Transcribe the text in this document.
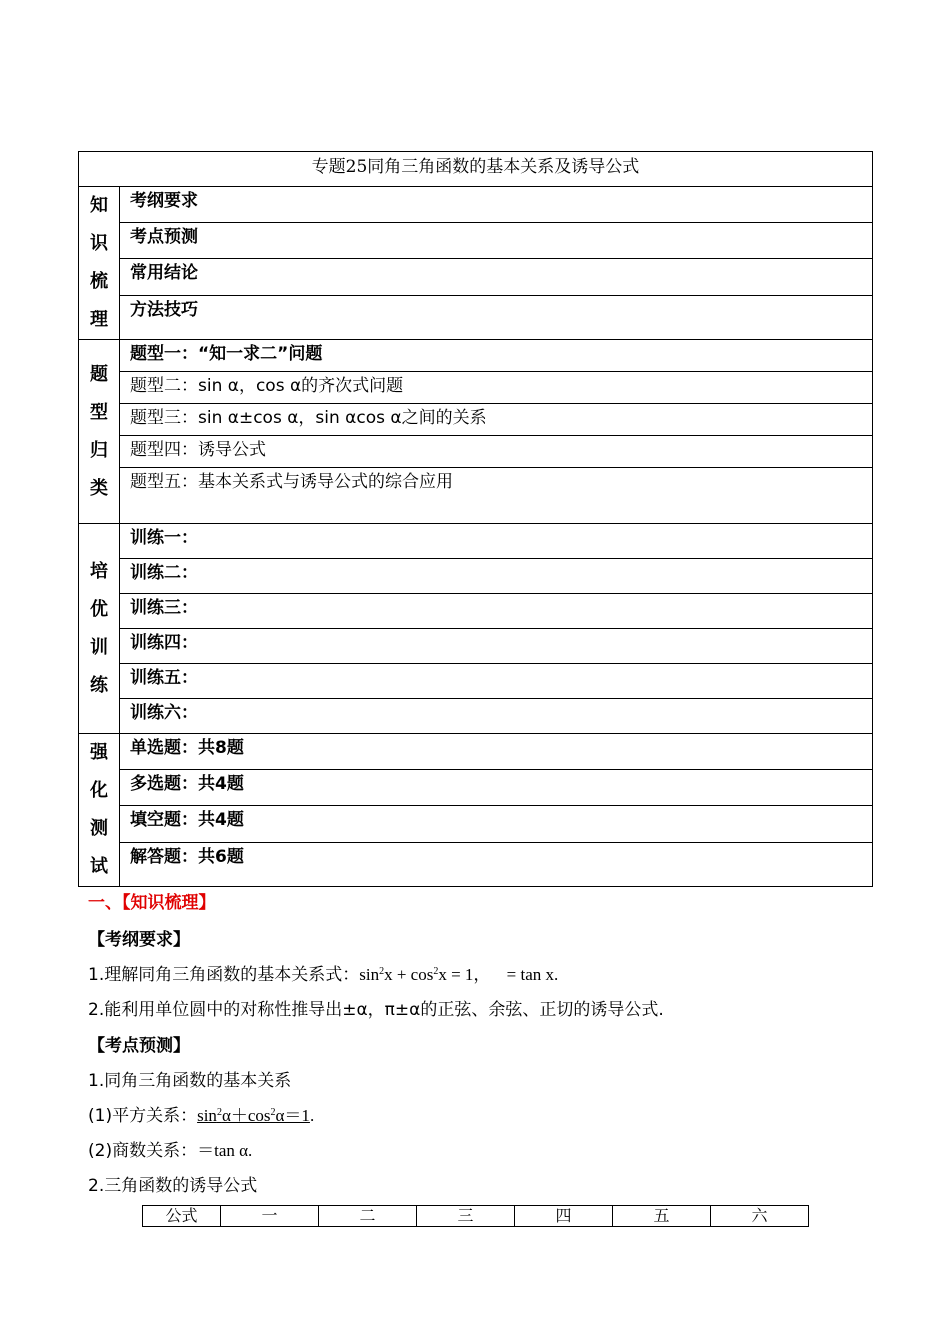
专题25同角三角函数的基本关系及诱导公式	

知
识
梳
理	考纲要求
	考点预测
	常用结论
	方法技巧

题
型
归
类	题型一：“知一求二”问题
	题型二：sin α，cos α的齐次式问题
	题型三：sin α±cos α，sin αcos α之间的关系
	题型四：诱导公式
	题型五：基本关系式与诱导公式的综合应用

培
优
训
练	训练一：
	训练二：
	训练三：
	训练四：
	训练五：
	训练六：

强
化
测
试	单选题：共8题
	多选题：共4题
	填空题：共4题
	解答题：共6题
一、【知识梳理】
【考纲要求】
1.理解同角三角函数的基本关系式：$\sin^2x + \cos^2x = 1$， = tan x.
2.能利用单位圆中的对称性推导出±α，π±α的正弦、余弦、正切的诱导公式.
【考点预测】
1.同角三角函数的基本关系
(1)平方关系：$\sin^2\alpha+\cos^2\alpha=1$.
(2)商数关系：＝tan α.
2.三角函数的诱导公式
公式	一	二	三	四	五	六
